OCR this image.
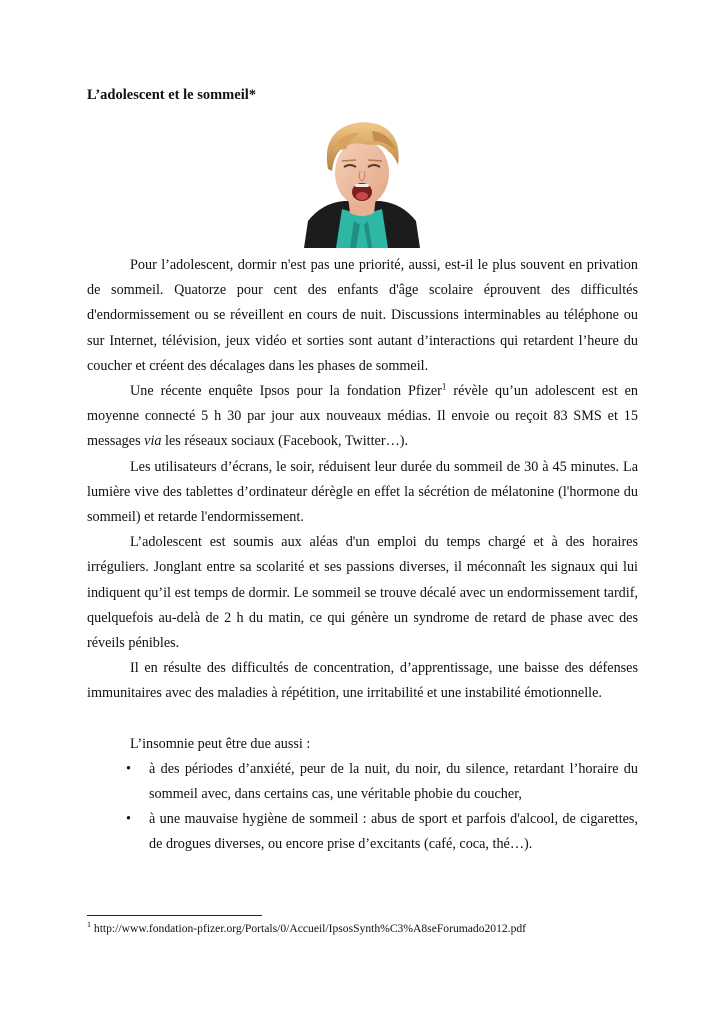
L’adolescent et le sommeil*

Pour l’adolescent, dormir n'est pas une priorité, aussi, est-il le plus souvent en privation de sommeil. Quatorze pour cent des enfants d'âge scolaire éprouvent des difficultés d'endormissement ou se réveillent en cours de nuit. Discussions interminables au téléphone ou sur Internet, télévision, jeux vidéo et sorties sont autant d’interactions qui retardent l’heure du coucher et créent des décalages dans les phases de sommeil.

Une récente enquête Ipsos pour la fondation Pfizer$^1$ révèle qu’un adolescent est en moyenne connecté 5 h 30 par jour aux nouveaux médias. Il envoie ou reçoit 83 SMS et 15 messages via les réseaux sociaux (Facebook, Twitter…).

Les utilisateurs d’écrans, le soir, réduisent leur durée du sommeil de 30 à 45 minutes. La lumière vive des tablettes d’ordinateur dérègle en effet la sécrétion de mélatonine (l'hormone du sommeil) et retarde l'endormissement.

L’adolescent est soumis aux aléas d'un emploi du temps chargé et à des horaires irréguliers. Jonglant entre sa scolarité et ses passions diverses, il méconnaît les signaux qui lui indiquent qu’il est temps de dormir. Le sommeil se trouve décalé avec un endormissement tardif, quelquefois au-delà de 2 h du matin, ce qui génère un syndrome de retard de phase avec des réveils pénibles.

Il en résulte des difficultés de concentration, d’apprentissage, une baisse des défenses immunitaires avec des maladies à répétition, une irritabilité et une instabilité émotionnelle.

L’insomnie peut être due aussi :

• à des périodes d’anxiété, peur de la nuit, du noir, du silence, retardant l’horaire du sommeil avec, dans certains cas, une véritable phobie du coucher,
• à une mauvaise hygiène de sommeil : abus de sport et parfois d'alcool, de cigarettes, de drogues diverses, ou encore prise d’excitants (café, coca, thé…).

$^1$ http://www.fondation-pfizer.org/Portals/0/Accueil/IpsosSynth%C3%A8seForumado2012.pdf
